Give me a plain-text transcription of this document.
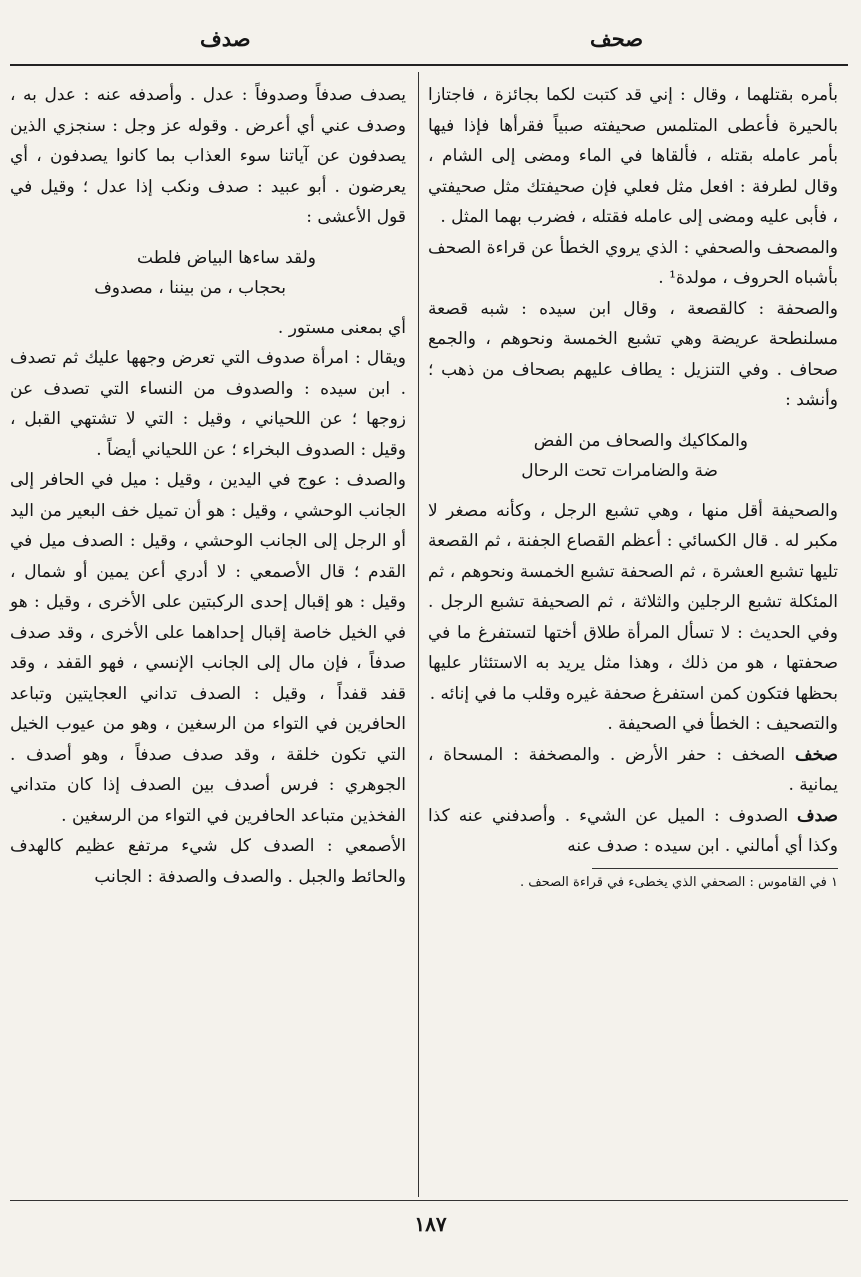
صحف
صدف

بأمره بقتلهما ، وقال : إني قد كتبت لكما بجائزة ، فاجتازا بالحيرة فأعطى المتلمس صحيفته صبياً فقرأها فإذا فيها بأمر عامله بقتله ، فألقاها في الماء ومضى إلى الشام ، وقال لطرفة : افعل مثل فعلي فإن صحيفتك مثل صحيفتي ، فأبى عليه ومضى إلى عامله فقتله ، فضرب بهما المثل .

والمصحف والصحفي : الذي يروي الخطأ عن قراءة الصحف بأشباه الحروف ، مولدة¹ .

والصحفة : كالقصعة ، وقال ابن سيده : شبه قصعة مسلنطحة عريضة وهي تشبع الخمسة ونحوهم ، والجمع صحاف . وفي التنزيل : يطاف عليهم بصحاف من ذهب ؛ وأنشد :

والمكاكيك والصحاف من الفض
ضة والضامرات تحت الرحال

والصحيفة أقل منها ، وهي تشبع الرجل ، وكأنه مصغر لا مكبر له . قال الكسائي : أعظم القصاع الجفنة ، ثم القصعة تليها تشبع العشرة ، ثم الصحفة تشبع الخمسة ونحوهم ، ثم المئكلة تشبع الرجلين والثلاثة ، ثم الصحيفة تشبع الرجل . وفي الحديث : لا تسأل المرأة طلاق أختها لتستفرغ ما في صحفتها ، هو من ذلك ، وهذا مثل يريد به الاستئثار عليها بحظها فتكون كمن استفرغ صحفة غيره وقلب ما في إنائه .

والتصحيف : الخطأ في الصحيفة .

صخف الصخف : حفر الأرض . والمصخفة : المسحاة ، يمانية .

صدف الصدوف : الميل عن الشيء . وأصدفني عنه كذا وكذا أي أمالني . ابن سيده : صدف عنه

١ في القاموس : الصحفي الذي يخطىء في قراءة الصحف .

يصدف صدفاً وصدوفاً : عدل . وأصدفه عنه : عدل به ، وصدف عني أي أعرض . وقوله عز وجل : سنجزي الذين يصدفون عن آياتنا سوء العذاب بما كانوا يصدفون ، أي يعرضون . أبو عبيد : صدف ونكب إذا عدل ؛ وقيل في قول الأعشى :

ولقد ساءها البياض فلطت
بحجاب ، من بيننا ، مصدوف

أي بمعنى مستور .

ويقال : امرأة صدوف التي تعرض وجهها عليك ثم تصدف . ابن سيده : والصدوف من النساء التي تصدف عن زوجها ؛ عن اللحياني ، وقيل : التي لا تشتهي القبل ، وقيل : الصدوف البخراء ؛ عن اللحياني أيضاً .

والصدف : عوج في اليدين ، وقيل : ميل في الحافر إلى الجانب الوحشي ، وقيل : هو أن تميل خف البعير من اليد أو الرجل إلى الجانب الوحشي ، وقيل : الصدف ميل في القدم ؛ قال الأصمعي : لا أدري أعن يمين أو شمال ، وقيل : هو إقبال إحدى الركبتين على الأخرى ، وقيل : هو في الخيل خاصة إقبال إحداهما على الأخرى ، وقد صدف صدفاً ، فإن مال إلى الجانب الإنسي ، فهو القفد ، وقد قفد قفداً ، وقيل : الصدف تداني العجايتين وتباعد الحافرين في التواء من الرسغين ، وهو من عيوب الخيل التي تكون خلقة ، وقد صدف صدفاً ، وهو أصدف . الجوهري : فرس أصدف بين الصدف إذا كان متداني الفخذين متباعد الحافرين في التواء من الرسغين .

الأصمعي : الصدف كل شيء مرتفع عظيم كالهدف والحائط والجبل . والصدف والصدفة : الجانب

١٨٧
